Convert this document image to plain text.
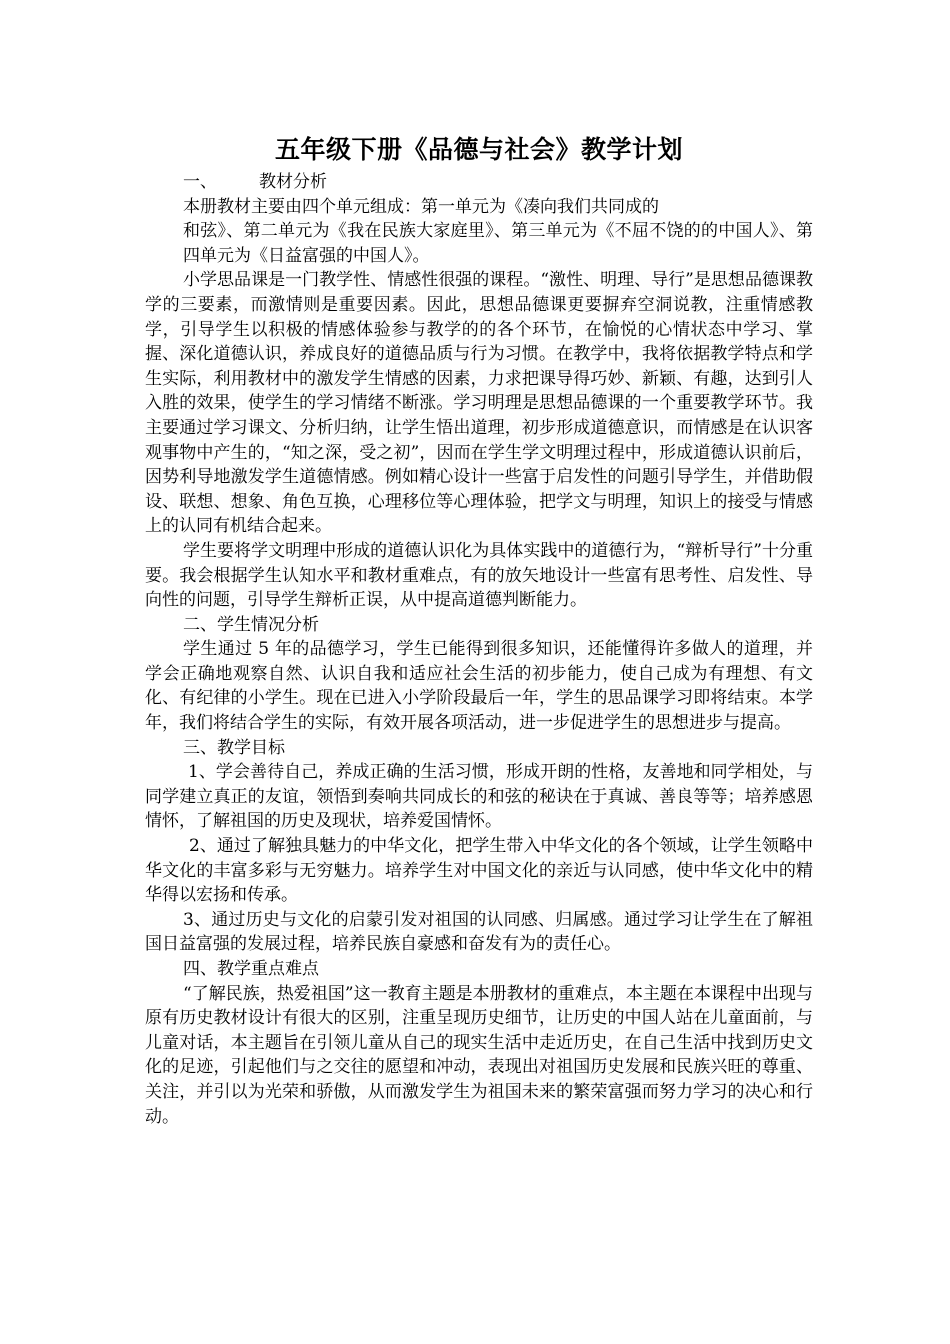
五年级下册《品德与社会》教学计划

一、 教材分析

本册教材主要由四个单元组成：第一单元为《凑向我们共同成的

和弦》、第二单元为《我在民族大家庭里》、第三单元为《不屈不饶的的中国人》、第四单元为《日益富强的中国人》。

小学思品课是一门教学性、情感性很强的课程。“激性、明理、导行”是思想品德课教学的三要素，而激情则是重要因素。因此，思想品德课更要摒弃空洞说教，注重情感教学，引导学生以积极的情感体验参与教学的的各个环节，在愉悦的心情状态中学习、掌握、深化道德认识，养成良好的道德品质与行为习惯。在教学中，我将依据教学特点和学生实际，利用教材中的激发学生情感的因素，力求把课导得巧妙、新颖、有趣，达到引人入胜的效果，使学生的学习情绪不断涨。学习明理是思想品德课的一个重要教学环节。我主要通过学习课文、分析归纳，让学生悟出道理，初步形成道德意识，而情感是在认识客观事物中产生的，“知之深，受之初”，因而在学生学文明理过程中，形成道德认识前后，因势利导地激发学生道德情感。例如精心设计一些富于启发性的问题引导学生，并借助假设、联想、想象、角色互换，心理移位等心理体验，把学文与明理，知识上的接受与情感上的认同有机结合起来。

学生要将学文明理中形成的道德认识化为具体实践中的道德行为，“辩析导行”十分重要。我会根据学生认知水平和教材重难点，有的放矢地设计一些富有思考性、启发性、导向性的问题，引导学生辩析正误，从中提高道德判断能力。

二、学生情况分析

学生通过 5 年的品德学习，学生已能得到很多知识，还能懂得许多做人的道理，并学会正确地观察自然、认识自我和适应社会生活的初步能力，使自己成为有理想、有文化、有纪律的小学生。现在已进入小学阶段最后一年，学生的思品课学习即将结束。本学年，我们将结合学生的实际，有效开展各项活动，进一步促进学生的思想进步与提高。

三、教学目标

1、学会善待自己，养成正确的生活习惯，形成开朗的性格，友善地和同学相处，与同学建立真正的友谊，领悟到奏响共同成长的和弦的秘诀在于真诚、善良等等；培养感恩情怀，了解祖国的历史及现状，培养爱国情怀。

2、通过了解独具魅力的中华文化，把学生带入中华文化的各个领域，让学生领略中华文化的丰富多彩与无穷魅力。培养学生对中国文化的亲近与认同感，使中华文化中的精华得以宏扬和传承。

3、通过历史与文化的启蒙引发对祖国的认同感、归属感。通过学习让学生在了解祖国日益富强的发展过程，培养民族自豪感和奋发有为的责任心。

四、教学重点难点

“了解民族，热爱祖国”这一教育主题是本册教材的重难点，本主题在本课程中出现与原有历史教材设计有很大的区别，注重呈现历史细节，让历史的中国人站在儿童面前，与儿童对话，本主题旨在引领儿童从自己的现实生活中走近历史，在自己生活中找到历史文化的足迹，引起他们与之交往的愿望和冲动，表现出对祖国历史发展和民族兴旺的尊重、关注，并引以为光荣和骄傲，从而激发学生为祖国未来的繁荣富强而努力学习的决心和行动。
